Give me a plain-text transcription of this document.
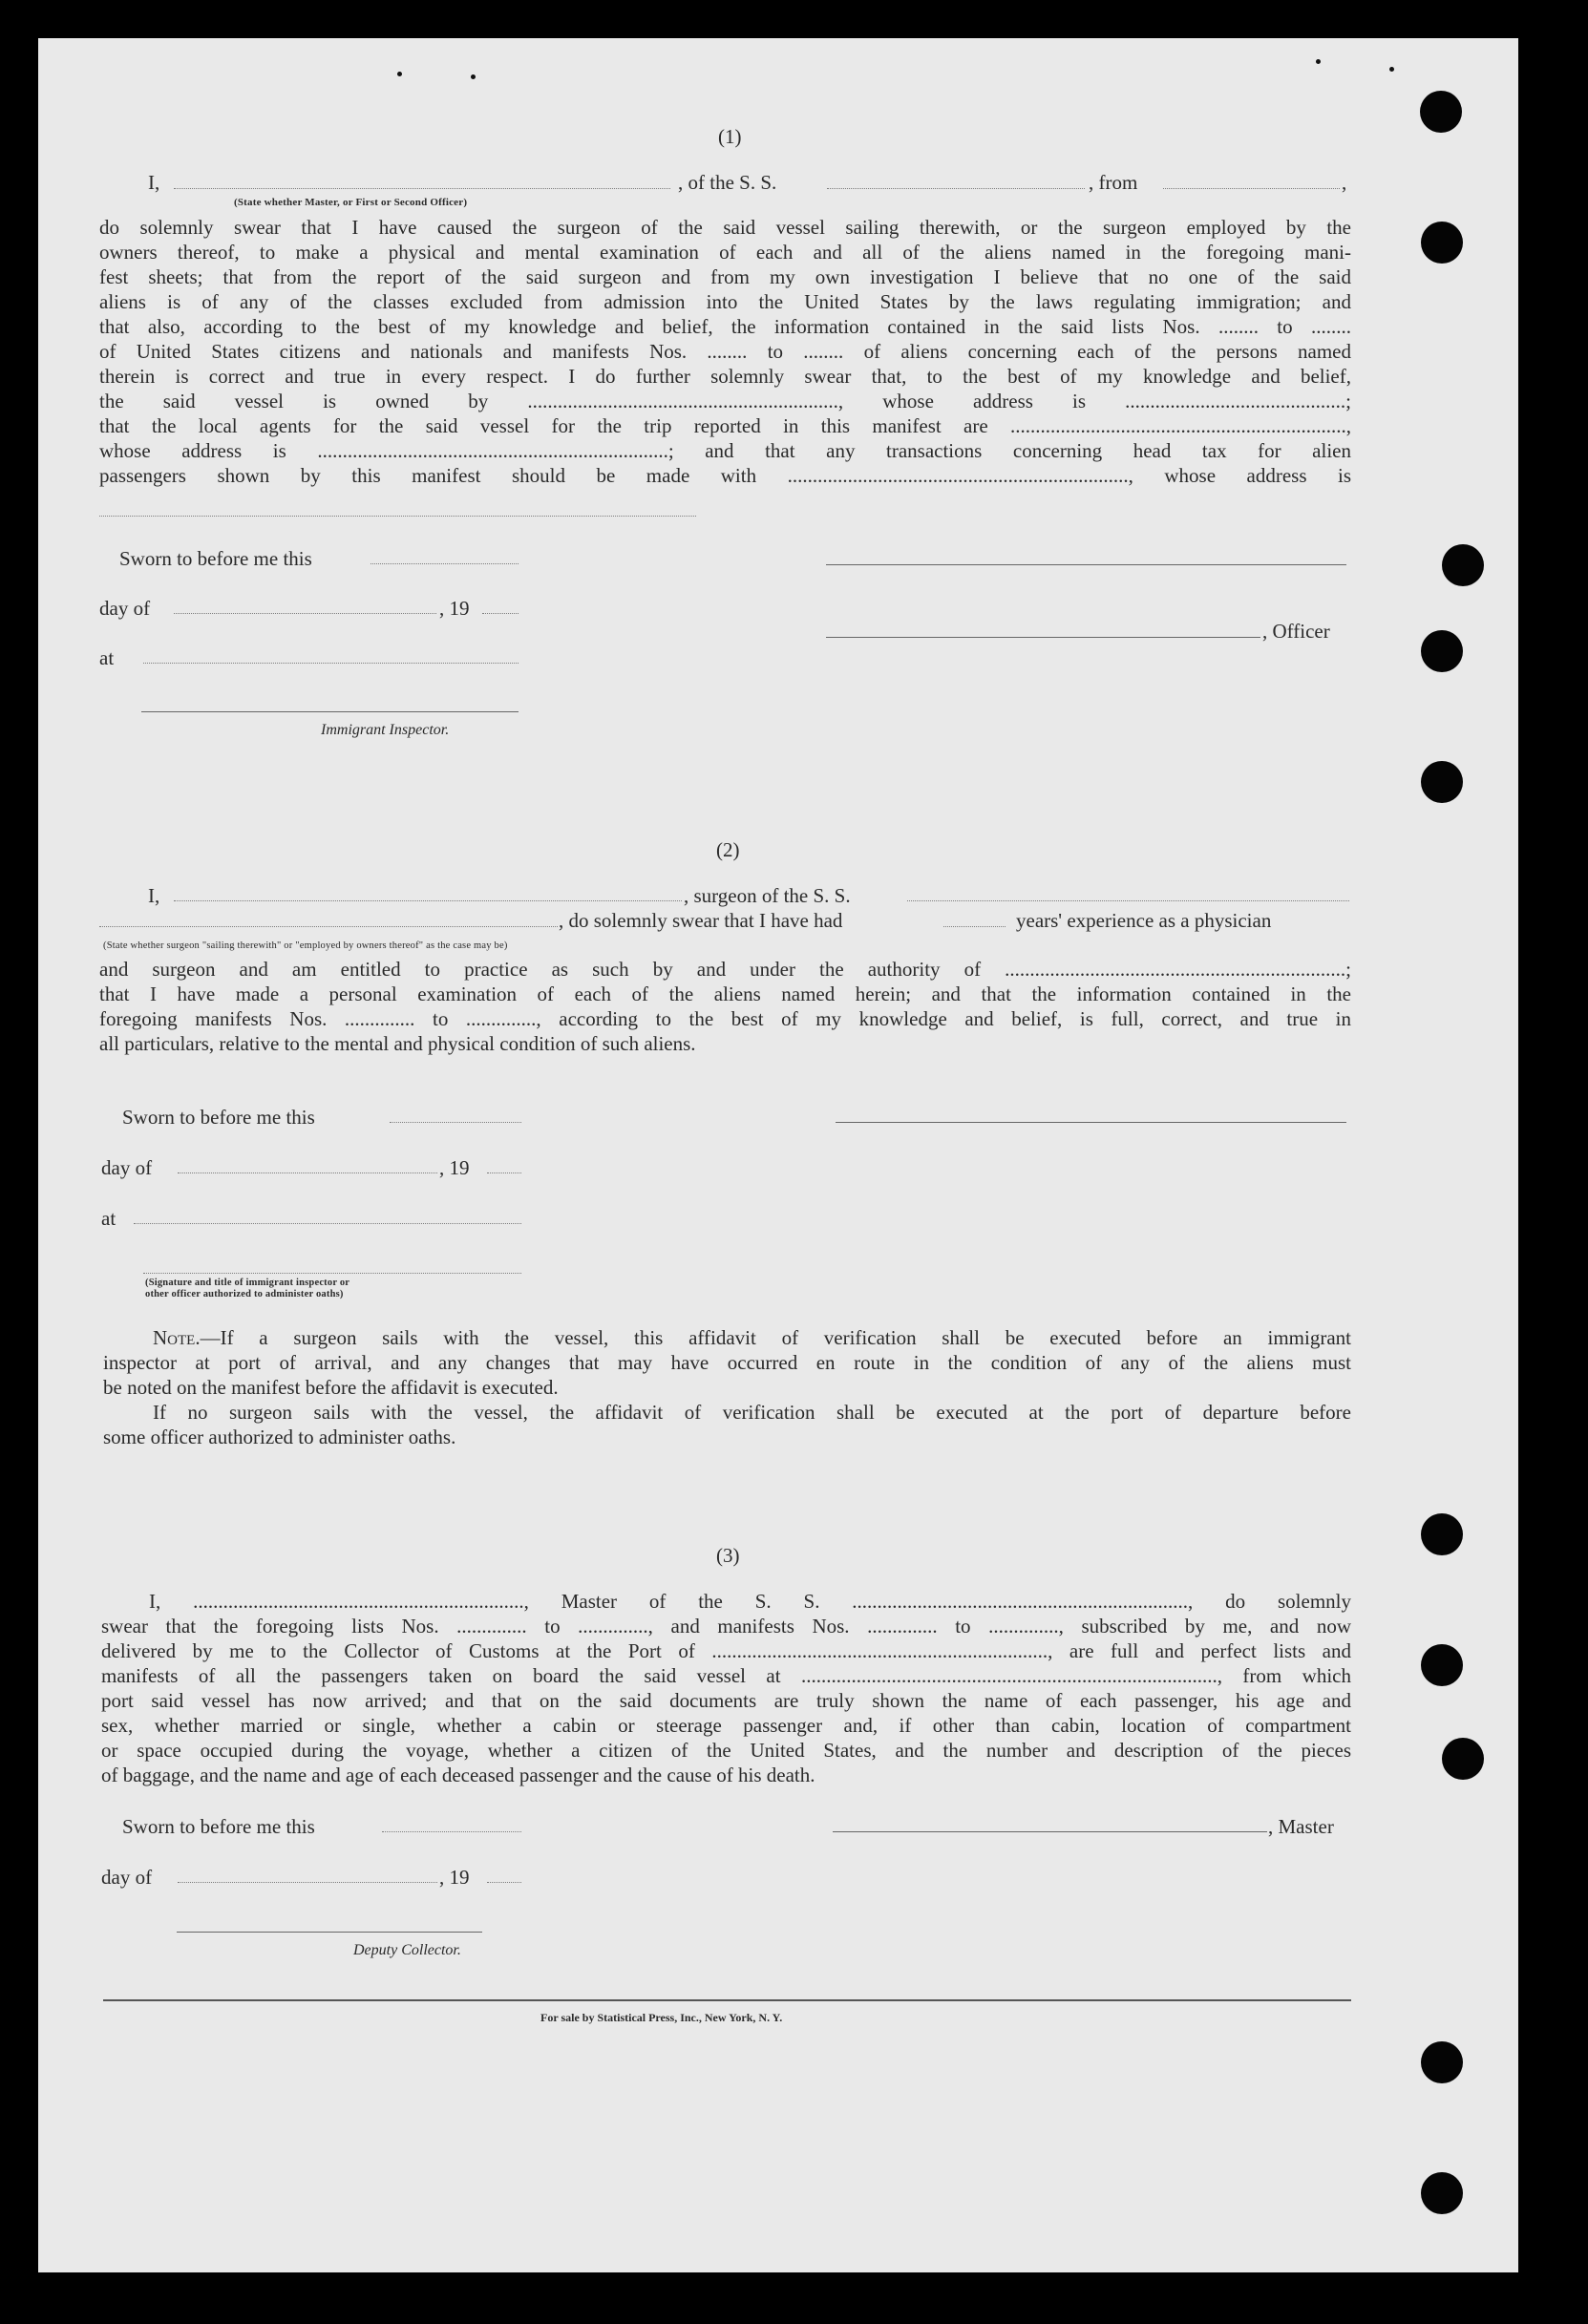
(1)
I,	, of the S. S.	, from	,
(State whether Master, or First or Second Officer)
do solemnly swear that I have caused the surgeon of the said vessel sailing therewith, or the surgeon employed by the
owners thereof, to make a physical and mental examination of each and all of the aliens named in the foregoing mani-
fest sheets; that from the report of the said surgeon and from my own investigation I believe that no one of the said
aliens is of any of the classes excluded from admission into the United States by the laws regulating immigration; and
that also, according to the best of my knowledge and belief, the information contained in the said lists Nos. ........ to ........
of United States citizens and nationals and manifests Nos. ........ to ........ of aliens concerning each of the persons named
therein is correct and true in every respect. I do further solemnly swear that, to the best of my knowledge and belief,
the said vessel is owned by .............................................................., whose address is ............................................;
that the local agents for the said vessel for the trip reported in this manifest are ...................................................................,
whose address is ......................................................................; and that any transactions concerning head tax for alien
passengers shown by this manifest should be made with ...................................................................., whose address is
Sworn to before me this
day of	, 19
at
, Officer
Immigrant Inspector.
(2)
I,	, surgeon of the S. S.
, do solemnly swear that I have had	years' experience as a physician
(State whether surgeon "sailing therewith" or "employed by owners thereof" as the case may be)
and surgeon and am entitled to practice as such by and under the authority of ....................................................................;
that I have made a personal examination of each of the aliens named herein; and that the information contained in the
foregoing manifests Nos. .............. to .............., according to the best of my knowledge and belief, is full, correct, and true in
all particulars, relative to the mental and physical condition of such aliens.
Sworn to before me this
day of	, 19
at
(Signature and title of immigrant inspector or
other officer authorized to administer oaths)
Note.—If a surgeon sails with the vessel, this affidavit of verification shall be executed before an immigrant
inspector at port of arrival, and any changes that may have occurred en route in the condition of any of the aliens must
be noted on the manifest before the affidavit is executed.
If no surgeon sails with the vessel, the affidavit of verification shall be executed at the port of departure before
some officer authorized to administer oaths.
(3)
I, .................................................................., Master of the S. S. ..................................................................., do solemnly
swear that the foregoing lists Nos. .............. to .............., and manifests Nos. .............. to .............., subscribed by me, and now
delivered by me to the Collector of Customs at the Port of ..................................................................., are full and perfect lists and
manifests of all the passengers taken on board the said vessel at ..................................................................................., from which
port said vessel has now arrived; and that on the said documents are truly shown the name of each passenger, his age and
sex, whether married or single, whether a cabin or steerage passenger and, if other than cabin, location of compartment
or space occupied during the voyage, whether a citizen of the United States, and the number and description of the pieces
of baggage, and the name and age of each deceased passenger and the cause of his death.
Sworn to before me this	, Master
day of	, 19
Deputy Collector.
For sale by Statistical Press, Inc., New York, N. Y.
